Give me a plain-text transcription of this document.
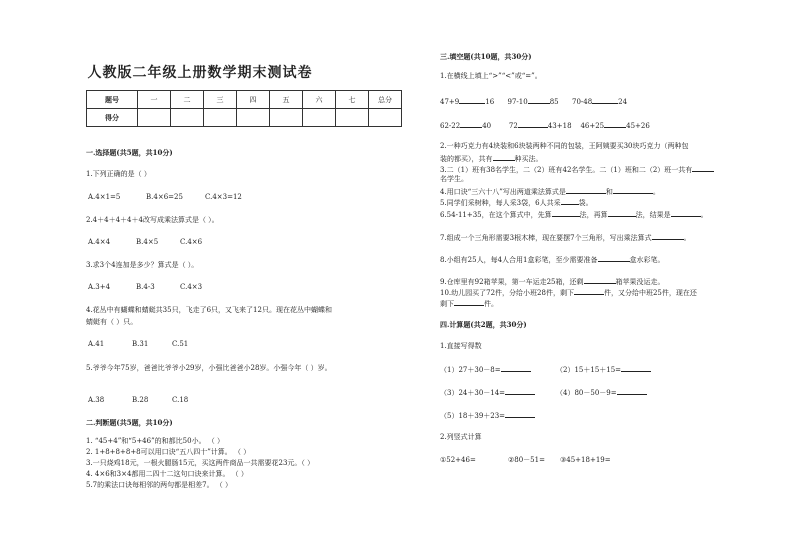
人教版二年级上册数学期末测试卷
题号	一	二	三	四	五	六	七	总分
得分								
一.选择题(共5题，共10分)
1.下列正确的是（ ）
A.4×1=5	B.4×6=25	C.4×3=12
2.4＋4＋4＋4＋4改写成乘法算式是（ ）。
A.4×4	B.4×5	C.4×6
3.求3个4连加是多少？算式是（ ）。
A.3+4	B.4-3	C.4×3
4.花丛中有蝴蝶和蜻蜓共35只，飞走了6只，又飞来了12只。现在花丛中蝴蝶和
蜻蜓有（ ）只。
A.41	B.31	C.51
5.爷爷今年75岁，爸爸比爷爷小29岁，小强比爸爸小28岁。小强今年（ ）岁。
A.38	B.28	C.18
二.判断题(共5题，共10分)
1. “45+4”和“5+46”的和都比50小。 （ ）
2. 1+8+8+8+8可以用口诀“五八四十”计算。 （ ）
3.一只烧鸡18元，一根火腿肠15元，买这两件商品一共需要花23元。（ ）
4. 4×6和3×4都用二四十二这句口诀来计算。 （ ）
5.7的乘法口诀每相邻的两句都是相差7。 （ ）
三.填空题(共10题，共30分)
1.在横线上填上“>”“<”或“=”。
47+9	16 97-10	85 70-48	24
62-22	40	72	43+18 46+25	45+26
2.一种巧克力有4块装和6块装两种不同的包装，王阿姨要买30块巧克力（两种包
装的都买），共有	种买法。
3.二（1）班有38名学生，二（2）班有42名学生。二（1）班和二（2）班一共有
名学生。
4.用口诀“三六十八”写出两道乘法算式是	和	。
5.同学们采树种，每人采3袋，6人共采	袋。
6.54-11+35，在这个算式中，先算	法，再算	法，结果是	。
7.组成一个三角形需要3根木棒，现在要摆7个三角形，写出乘法算式	。
8.小组有25人，每4人合用1盒彩笔，至少需要准备	盒水彩笔。
9.仓库里有92箱苹果，第一车运走25箱，还剩	箱苹果没运走。
10.幼儿园买了72件，分给小班28件，剩下	件，又分给中班25件，现在还
剩下	件。
四.计算题(共2题，共30分)
1.直接写得数
（1）27＋30－8=	（2）15＋15＋15=
（3）24＋30－14=	（4）80－50－9=
（5）18＋39＋23=
2.列竖式计算
①52+46=	②80－51= ③45+18+19=
